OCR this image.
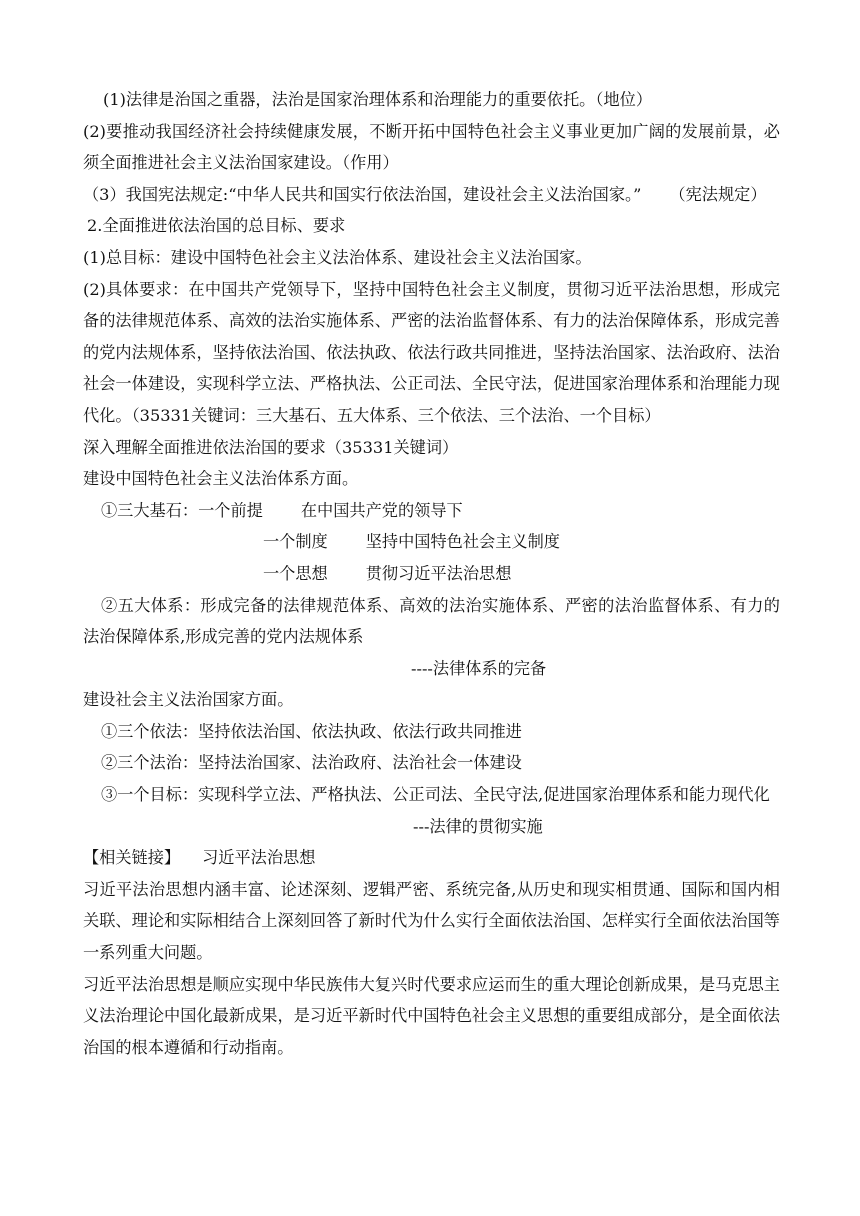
(1)法律是治国之重器，法治是国家治理体系和治理能力的重要依托。（地位）

(2)要推动我国经济社会持续健康发展，不断开拓中国特色社会主义事业更加广阔的发展前景，必须全面推进社会主义法治国家建设。（作用）

（3）我国宪法规定:“中华人民共和国实行依法治国，建设社会主义法治国家。” （宪法规定）

2.全面推进依法治国的总目标、要求

(1)总目标：建设中国特色社会主义法治体系、建设社会主义法治国家。

(2)具体要求：在中国共产党领导下，坚持中国特色社会主义制度，贯彻习近平法治思想，形成完备的法律规范体系、高效的法治实施体系、严密的法治监督体系、有力的法治保障体系，形成完善的党内法规体系，坚持依法治国、依法执政、依法行政共同推进，坚持法治国家、法治政府、法治社会一体建设，实现科学立法、严格执法、公正司法、全民守法，促进国家治理体系和治理能力现代化。（35331关键词：三大基石、五大体系、三个依法、三个法治、一个目标）

深入理解全面推进依法治国的要求（35331关键词）

建设中国特色社会主义法治体系方面。

①三大基石：一个前提 在中国共产党的领导下
一个制度 坚持中国特色社会主义制度
一个思想 贯彻习近平法治思想

②五大体系：形成完备的法律规范体系、高效的法治实施体系、严密的法治监督体系、有力的法治保障体系,形成完善的党内法规体系

----法律体系的完备

建设社会主义法治国家方面。

①三个依法：坚持依法治国、依法执政、依法行政共同推进

②三个法治：坚持法治国家、法治政府、法治社会一体建设

③一个目标：实现科学立法、严格执法、公正司法、全民守法,促进国家治理体系和能力现代化

---法律的贯彻实施

【相关链接】 习近平法治思想

习近平法治思想内涵丰富、论述深刻、逻辑严密、系统完备,从历史和现实相贯通、国际和国内相关联、理论和实际相结合上深刻回答了新时代为什么实行全面依法治国、怎样实行全面依法治国等一系列重大问题。

习近平法治思想是顺应实现中华民族伟大复兴时代要求应运而生的重大理论创新成果，是马克思主义法治理论中国化最新成果，是习近平新时代中国特色社会主义思想的重要组成部分，是全面依法治国的根本遵循和行动指南。
